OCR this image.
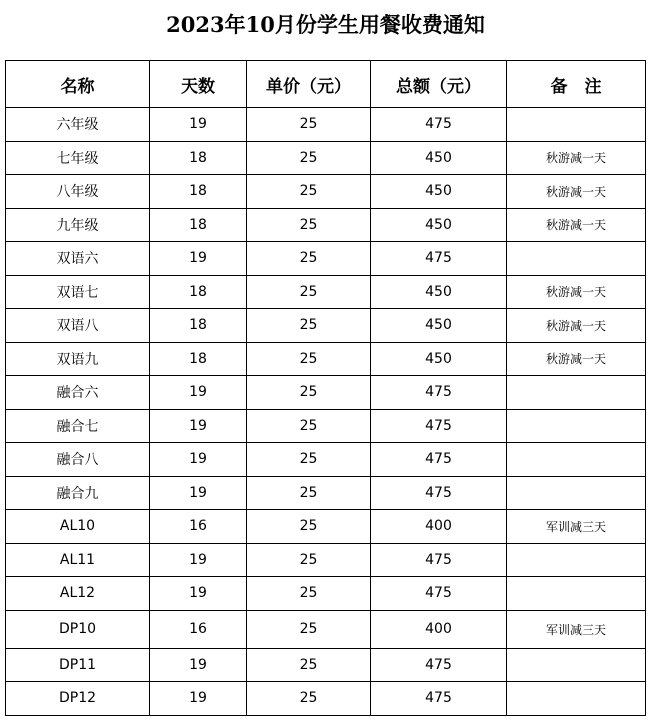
2023年10月份学生用餐收费通知
名称	天数	单价（元）	总额（元）	备　注
六年级	19	25	475	
七年级	18	25	450	秋游减一天
八年级	18	25	450	秋游减一天
九年级	18	25	450	秋游减一天
双语六	19	25	475	
双语七	18	25	450	秋游减一天
双语八	18	25	450	秋游减一天
双语九	18	25	450	秋游减一天
融合六	19	25	475	
融合七	19	25	475	
融合八	19	25	475	
融合九	19	25	475	
AL10	16	25	400	军训减三天
AL11	19	25	475	
AL12	19	25	475	
DP10	16	25	400	军训减三天
DP11	19	25	475	
DP12	19	25	475	
